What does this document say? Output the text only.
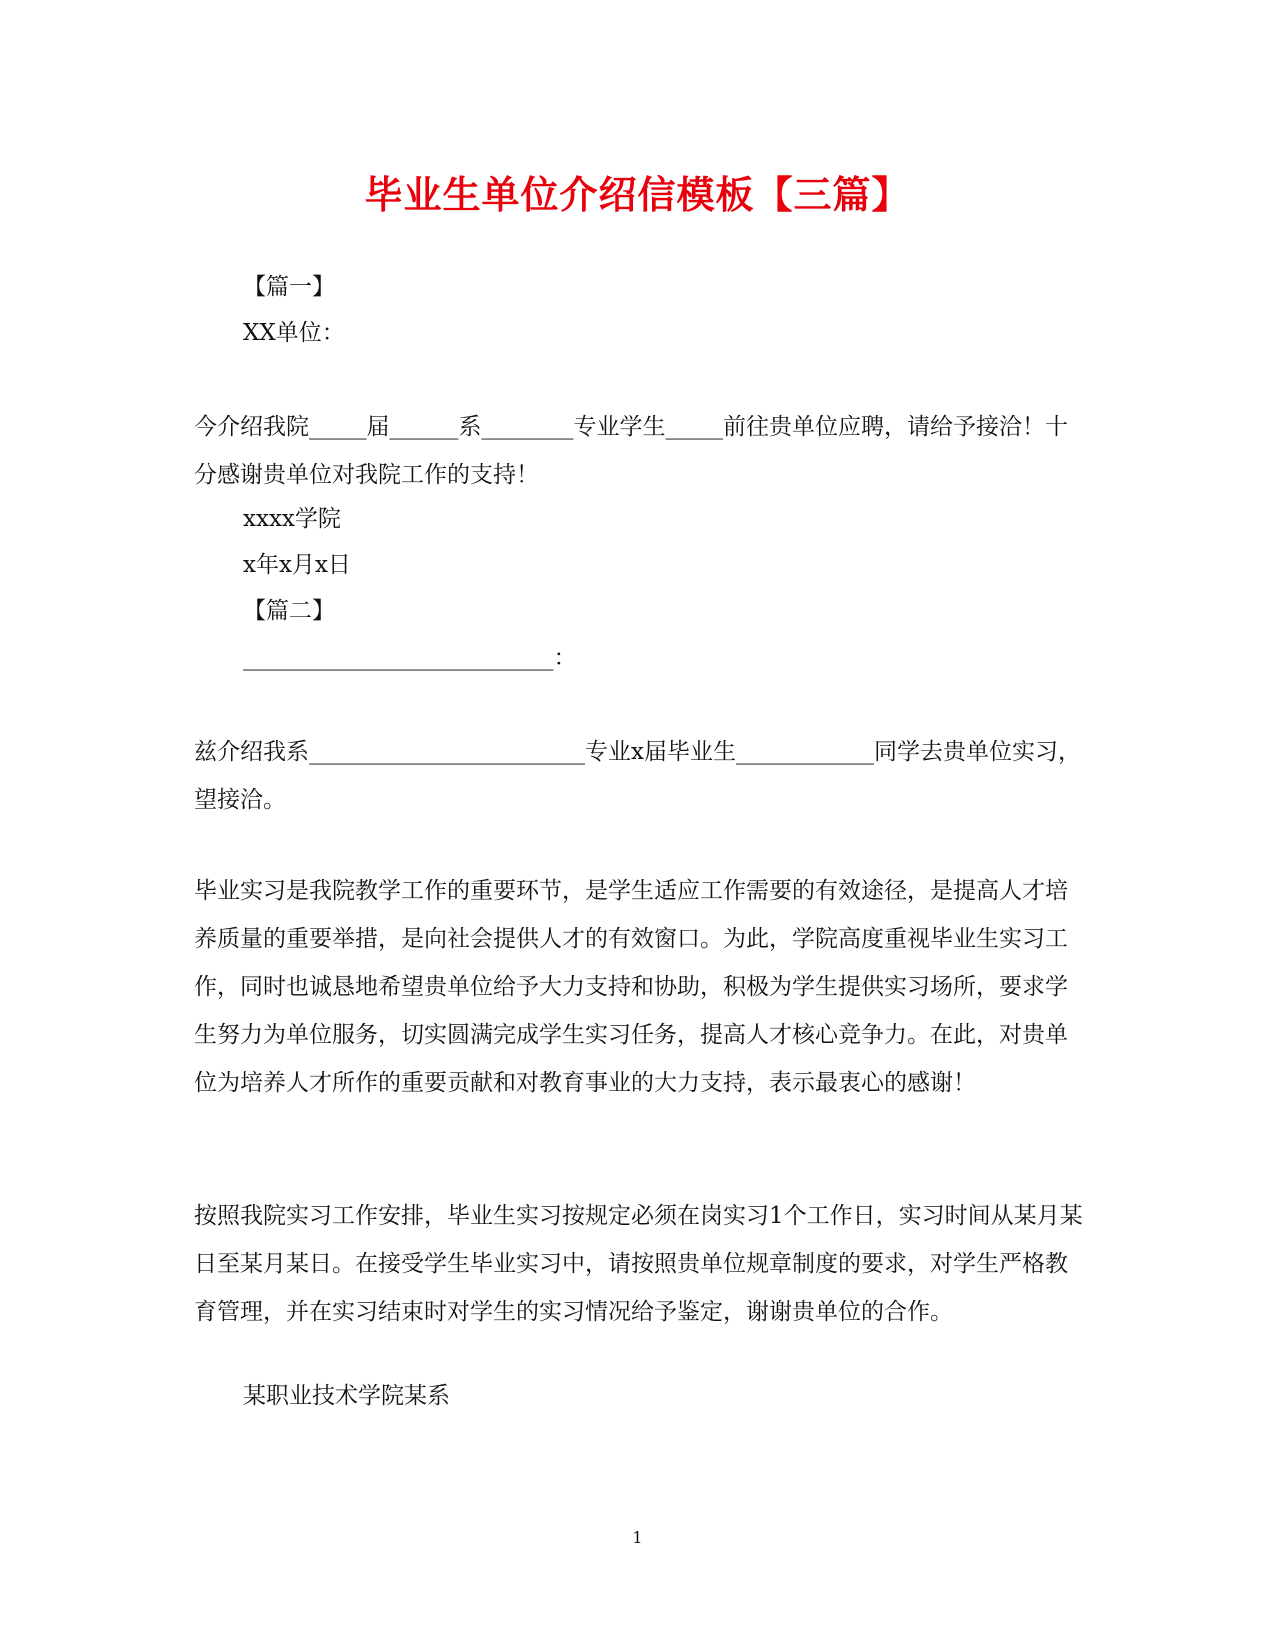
毕业生单位介绍信模板【三篇】
【篇一】
XX单位：
今介绍我院_____届______系________专业学生_____前往贵单位应聘，请给予接洽！十分感谢贵单位对我院工作的支持！
xxxx学院
x年x月x日
【篇二】
___________________________：
兹介绍我系________________________专业x届毕业生____________同学去贵单位实习，望接洽。
毕业实习是我院教学工作的重要环节，是学生适应工作需要的有效途径，是提高人才培养质量的重要举措，是向社会提供人才的有效窗口。为此，学院高度重视毕业生实习工作，同时也诚恳地希望贵单位给予大力支持和协助，积极为学生提供实习场所，要求学生努力为单位服务，切实圆满完成学生实习任务，提高人才核心竞争力。在此，对贵单位为培养人才所作的重要贡献和对教育事业的大力支持，表示最衷心的感谢！
按照我院实习工作安排，毕业生实习按规定必须在岗实习1个工作日，实习时间从某月某日至某月某日。在接受学生毕业实习中，请按照贵单位规章制度的要求，对学生严格教育管理，并在实习结束时对学生的实习情况给予鉴定，谢谢贵单位的合作。
某职业技术学院某系
1
